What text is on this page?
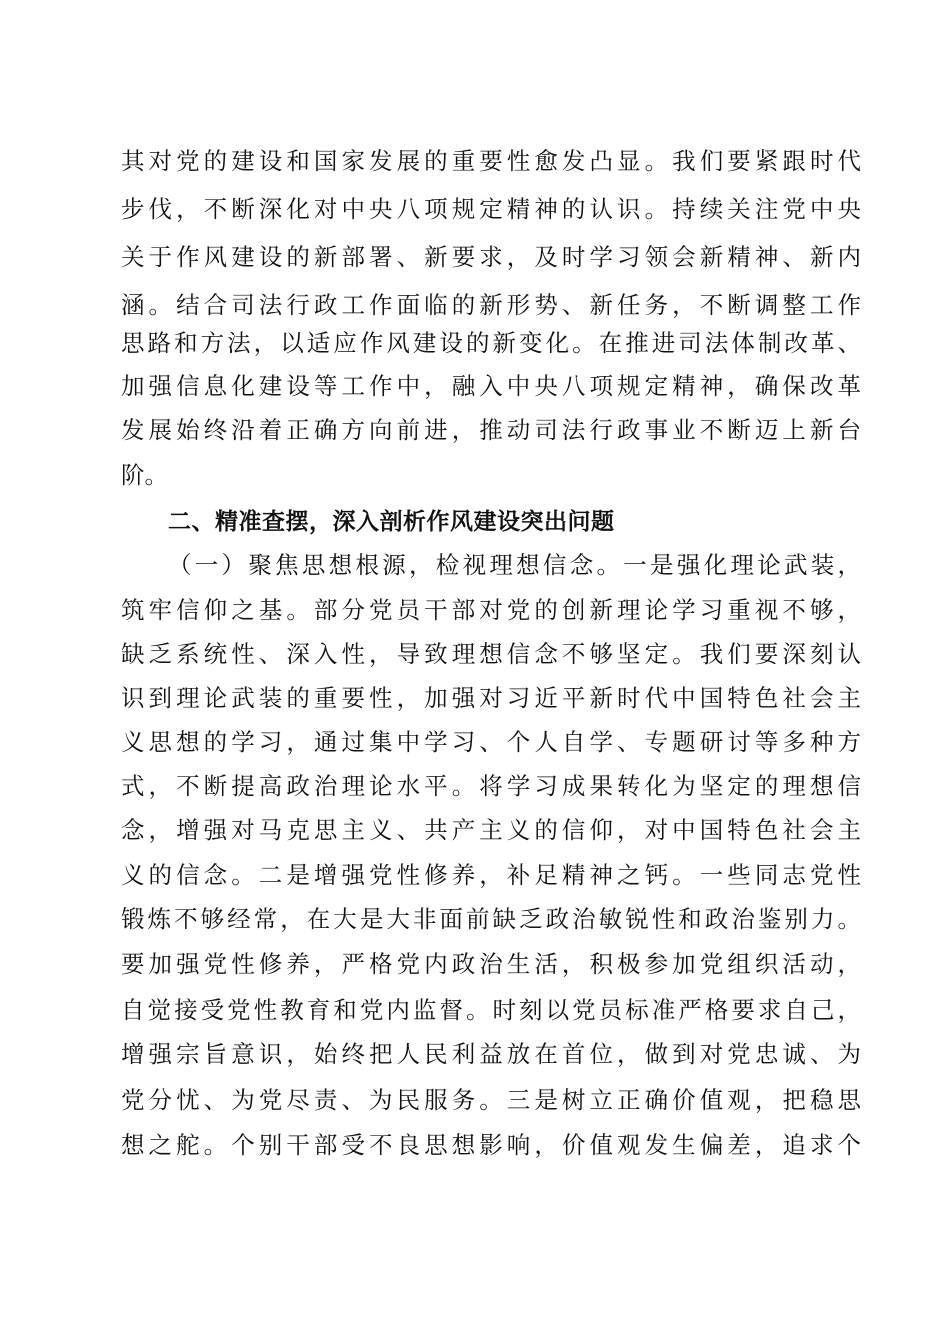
其对党的建设和国家发展的重要性愈发凸显。我们要紧跟时代
步伐，不断深化对中央八项规定精神的认识。持续关注党中央
关于作风建设的新部署、新要求，及时学习领会新精神、新内
涵。结合司法行政工作面临的新形势、新任务，不断调整工作
思路和方法，以适应作风建设的新变化。在推进司法体制改革、
加强信息化建设等工作中，融入中央八项规定精神，确保改革
发展始终沿着正确方向前进，推动司法行政事业不断迈上新台
阶。
二、精准查摆，深入剖析作风建设突出问题
（一）聚焦思想根源，检视理想信念。一是强化理论武装，
筑牢信仰之基。部分党员干部对党的创新理论学习重视不够，
缺乏系统性、深入性，导致理想信念不够坚定。我们要深刻认
识到理论武装的重要性，加强对习近平新时代中国特色社会主
义思想的学习，通过集中学习、个人自学、专题研讨等多种方
式，不断提高政治理论水平。将学习成果转化为坚定的理想信
念，增强对马克思主义、共产主义的信仰，对中国特色社会主
义的信念。二是增强党性修养，补足精神之钙。一些同志党性
锻炼不够经常，在大是大非面前缺乏政治敏锐性和政治鉴别力。
要加强党性修养，严格党内政治生活，积极参加党组织活动，
自觉接受党性教育和党内监督。时刻以党员标准严格要求自己，
增强宗旨意识，始终把人民利益放在首位，做到对党忠诚、为
党分忧、为党尽责、为民服务。三是树立正确价值观，把稳思
想之舵。个别干部受不良思想影响，价值观发生偏差，追求个
